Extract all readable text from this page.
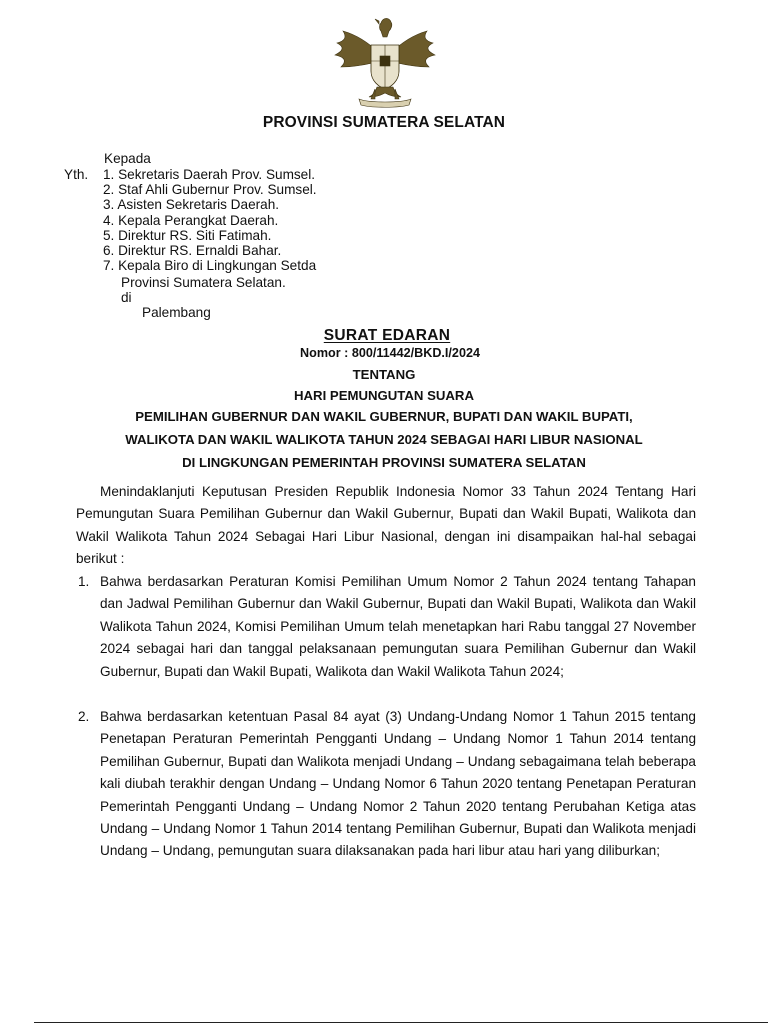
PROVINSI SUMATERA SELATAN
Kepada
Yth. 1. Sekretaris Daerah Prov. Sumsel.
2. Staf Ahli Gubernur Prov. Sumsel.
3. Asisten Sekretaris Daerah.
4. Kepala Perangkat Daerah.
5. Direktur RS. Siti Fatimah.
6. Direktur RS. Ernaldi Bahar.
7. Kepala Biro di Lingkungan Setda
Provinsi Sumatera Selatan.
di
Palembang
SURAT EDARAN
Nomor : 800/11442/BKD.I/2024
TENTANG
HARI PEMUNGUTAN SUARA
PEMILIHAN GUBERNUR DAN WAKIL GUBERNUR, BUPATI DAN WAKIL BUPATI,
WALIKOTA DAN WAKIL WALIKOTA TAHUN 2024 SEBAGAI HARI LIBUR NASIONAL
DI LINGKUNGAN PEMERINTAH PROVINSI SUMATERA SELATAN
Menindaklanjuti Keputusan Presiden Republik Indonesia Nomor 33 Tahun 2024 Tentang Hari Pemungutan Suara Pemilihan Gubernur dan Wakil Gubernur, Bupati dan Wakil Bupati, Walikota dan Wakil Walikota Tahun 2024 Sebagai Hari Libur Nasional, dengan ini disampaikan hal-hal sebagai berikut :
1. Bahwa berdasarkan Peraturan Komisi Pemilihan Umum Nomor 2 Tahun 2024 tentang Tahapan dan Jadwal Pemilihan Gubernur dan Wakil Gubernur, Bupati dan Wakil Bupati, Walikota dan Wakil Walikota Tahun 2024, Komisi Pemilihan Umum telah menetapkan hari Rabu tanggal 27 November 2024 sebagai hari dan tanggal pelaksanaan pemungutan suara Pemilihan Gubernur dan Wakil Gubernur, Bupati dan Wakil Bupati, Walikota dan Wakil Walikota Tahun 2024;
2. Bahwa berdasarkan ketentuan Pasal 84 ayat (3) Undang-Undang Nomor 1 Tahun 2015 tentang Penetapan Peraturan Pemerintah Pengganti Undang – Undang Nomor 1 Tahun 2014 tentang Pemilihan Gubernur, Bupati dan Walikota menjadi Undang – Undang sebagaimana telah beberapa kali diubah terakhir dengan Undang – Undang Nomor 6 Tahun 2020 tentang Penetapan Peraturan Pemerintah Pengganti Undang – Undang Nomor 2 Tahun 2020 tentang Perubahan Ketiga atas Undang – Undang Nomor 1 Tahun 2014 tentang Pemilihan Gubernur, Bupati dan Walikota menjadi Undang – Undang, pemungutan suara dilaksanakan pada hari libur atau hari yang diliburkan;
